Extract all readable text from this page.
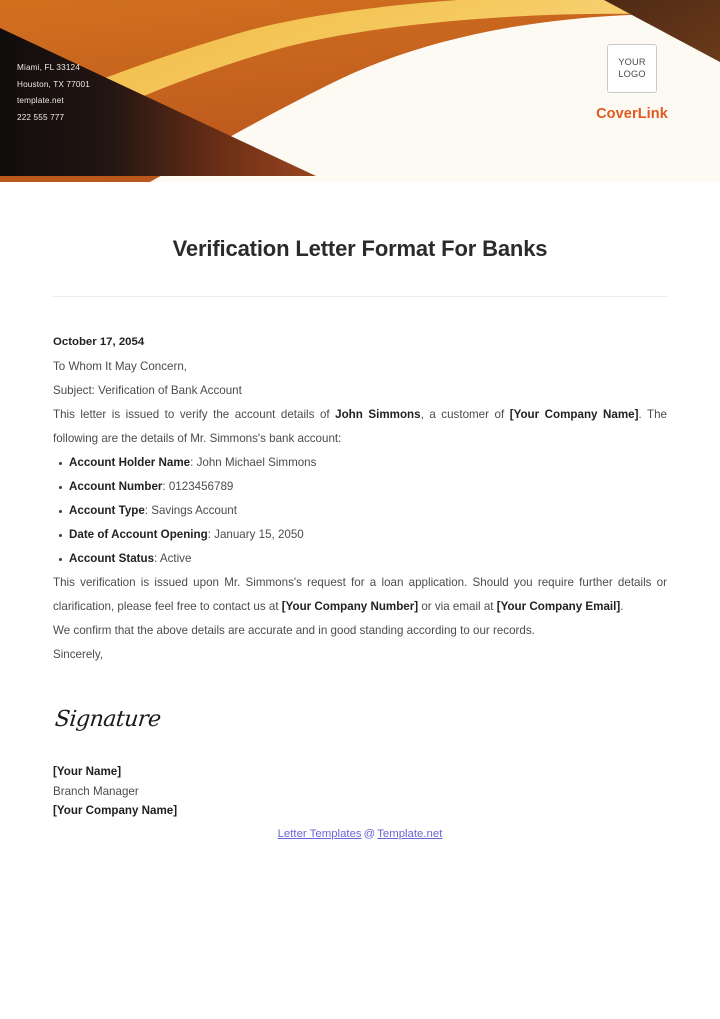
Miami, FL 33124
Houston, TX 77001
template.net
222 555 777
YOUR
LOGO
CoverLink
Verification Letter Format For Banks
October 17, 2054
To Whom It May Concern,
Subject: Verification of Bank Account

This letter is issued to verify the account details of John Simmons, a customer of [Your Company Name]. The following are the details of Mr. Simmons's bank account:

Account Holder Name: John Michael Simmons
Account Number: 0123456789
Account Type: Savings Account
Date of Account Opening: January 15, 2050
Account Status: Active

This verification is issued upon Mr. Simmons's request for a loan application. Should you require further details or clarification, please feel free to contact us at [Your Company Number] or via email at [Your Company Email].

We confirm that the above details are accurate and in good standing according to our records.
Sincerely,
Signature
[Your Name]
Branch Manager
[Your Company Name]
Letter Templates @ Template.net
